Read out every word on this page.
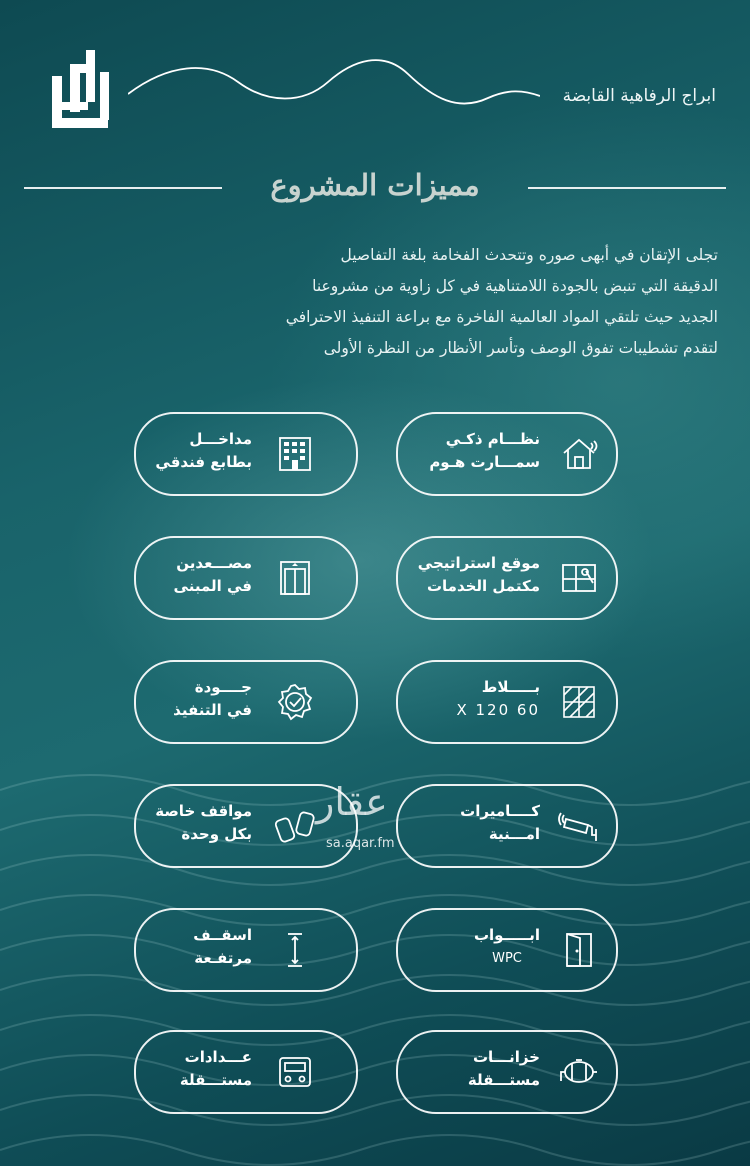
ابراج الرفاهية القابضة
مميزات المشروع
تجلى الإتقان في أبهى صوره وتتحدث الفخامة بلغة التفاصيل
الدقيقة التي تنبض بالجودة اللامتناهية في كل زاوية من مشروعنا
الجديد حيث تلتقي المواد العالمية الفاخرة مع براعة التنفيذ الاحترافي
لتقدم تشطيبات تفوق الوصف وتأسر الأنظار من النظرة الأولى
نظـــام ذكـي
سمـــارت هـوم
مداخـــل
بطابع فندقي
موقع استراتيجي
مكتمل الخدمات
مصـــعدين
في المبنى
بـــــلاط
60 X 120
جــــودة
في التنفيذ
كــــاميرات
امـــنية
مواقف خاصة
بكل وحدة
ابـــــواب
WPC
اسقــف
مرتفـعة
خزانـــات
مستـــقلة
عـــدادات
مستـــقلة
عقار
sa.aqar.fm
